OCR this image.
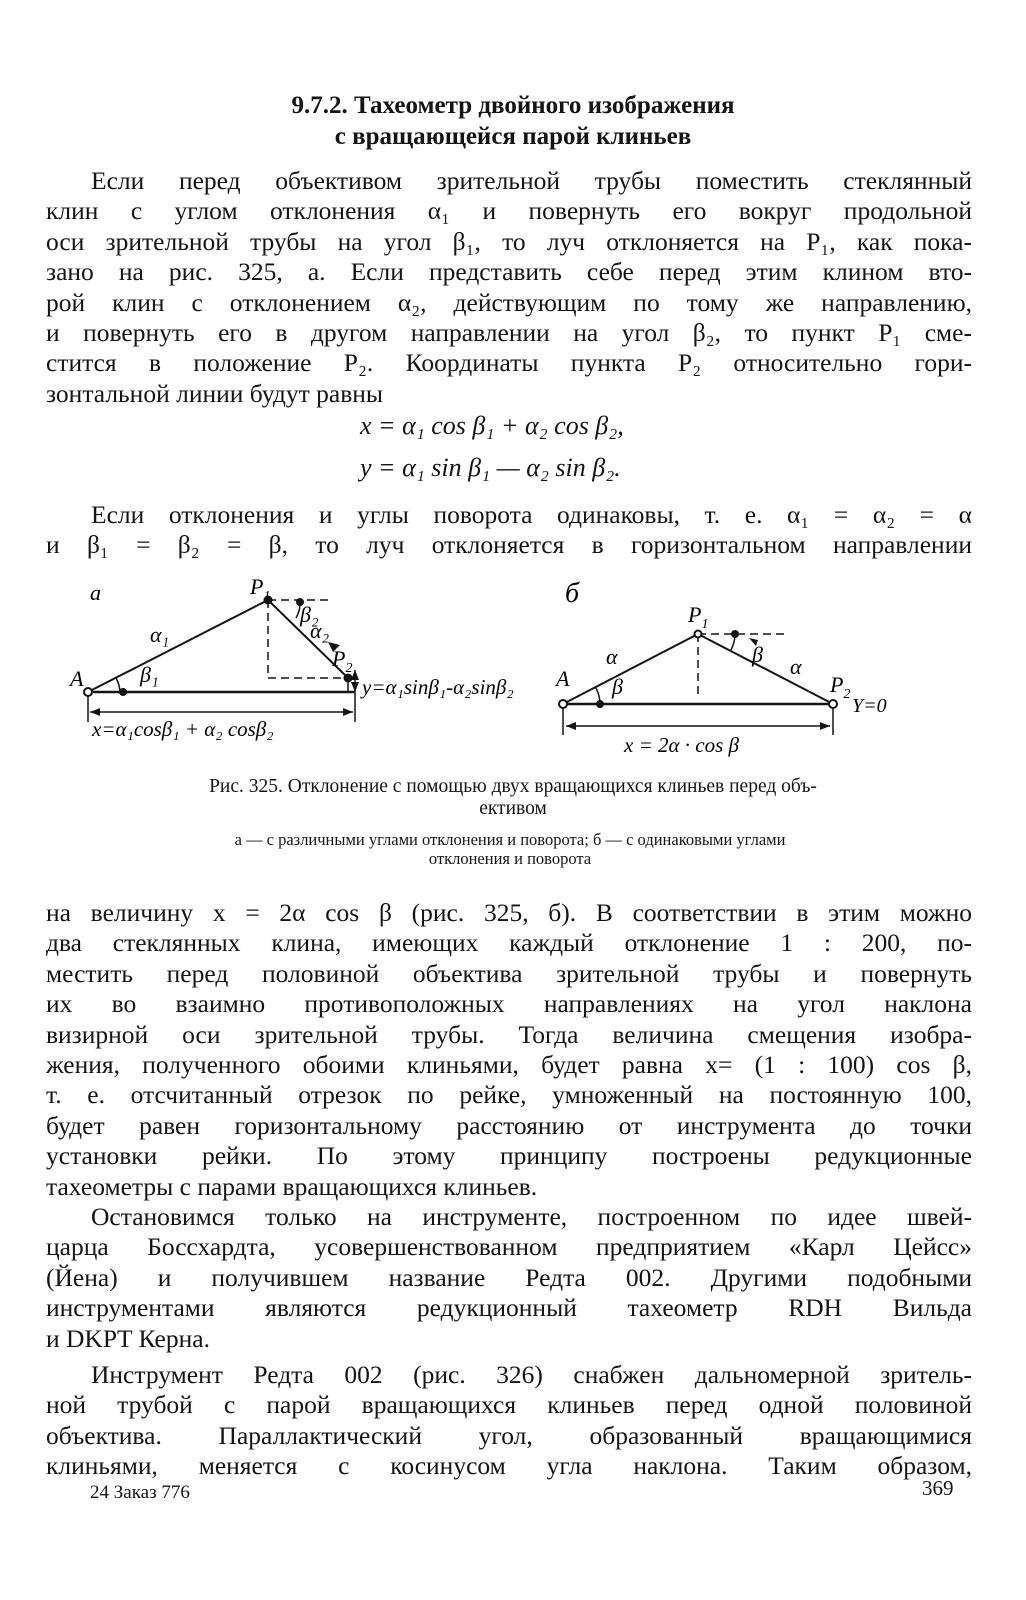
9.7.2. Тахеометр двойного изображения
с вращающейся парой клиньев
Если перед объективом зрительной трубы поместить стеклянный
клин с углом отклонения α₁ и повернуть его вокруг продольной
оси зрительной трубы на угол β₁, то луч отклоняется на P₁, как пока-
зано на рис. 325, а. Если представить себе перед этим клином вто-
рой клин с отклонением α₂, действующим по тому же направлению,
и повернуть его в другом направлении на угол β₂, то пункт P₁ сме-
стится в положение P₂. Координаты пункта P₂ относительно гори-
зонтальной линии будут равны
x = α₁ cos β₁ + α₂ cos β₂,
y = α₁ sin β₁ — α₂ sin β₂.
Если отклонения и углы поворота одинаковы, т. е. α₁ = α₂ = α
и β₁ = β₂ = β, то луч отклоняется в горизонтальном направлении
а	$P_1$
$P_2$
A
α₁	α₂
β₁
β₂
y=α₁sinβ₁-α₂sinβ₂
x=α₁cosβ₁ + α₂ cosβ₂
б
$P_1$
$P_2$
A
α	α
β
β
Y=0
x = 2α · cos β
Рис. 325. Отклонение с помощью двух вращающихся клиньев перед объ-
ективом
а — с различными углами отклонения и поворота; б — с одинаковыми углами
отклонения и поворота
на величину x = 2α cos β (рис. 325, б). В соответствии в этим можно
два стеклянных клина, имеющих каждый отклонение 1 : 200, по-
местить перед половиной объектива зрительной трубы и повернуть
их во взаимно противоположных направлениях на угол наклона
визирной оси зрительной трубы. Тогда величина смещения изобра-
жения, полученного обоими клиньями, будет равна x= (1 : 100) cos β,
т. е. отсчитанный отрезок по рейке, умноженный на постоянную 100,
будет равен горизонтальному расстоянию от инструмента до точки
установки рейки. По этому принципу построены редукционные
тахеометры с парами вращающихся клиньев.
Остановимся только на инструменте, построенном по идее швей-
царца Боссхардта, усовершенствованном предприятием «Карл Цейсс»
(Йена) и получившем название Редта 002. Другими подобными
инструментами являются редукционный тахеометр RDH Вильда
и DKPT Керна.
Инструмент Редта 002 (рис. 326) снабжен дальномерной зритель-
ной трубой с парой вращающихся клиньев перед одной половиной
объектива. Параллактический угол, образованный вращающимися
клиньями, меняется с косинусом угла наклона. Таким образом,
24 Заказ 776	369
